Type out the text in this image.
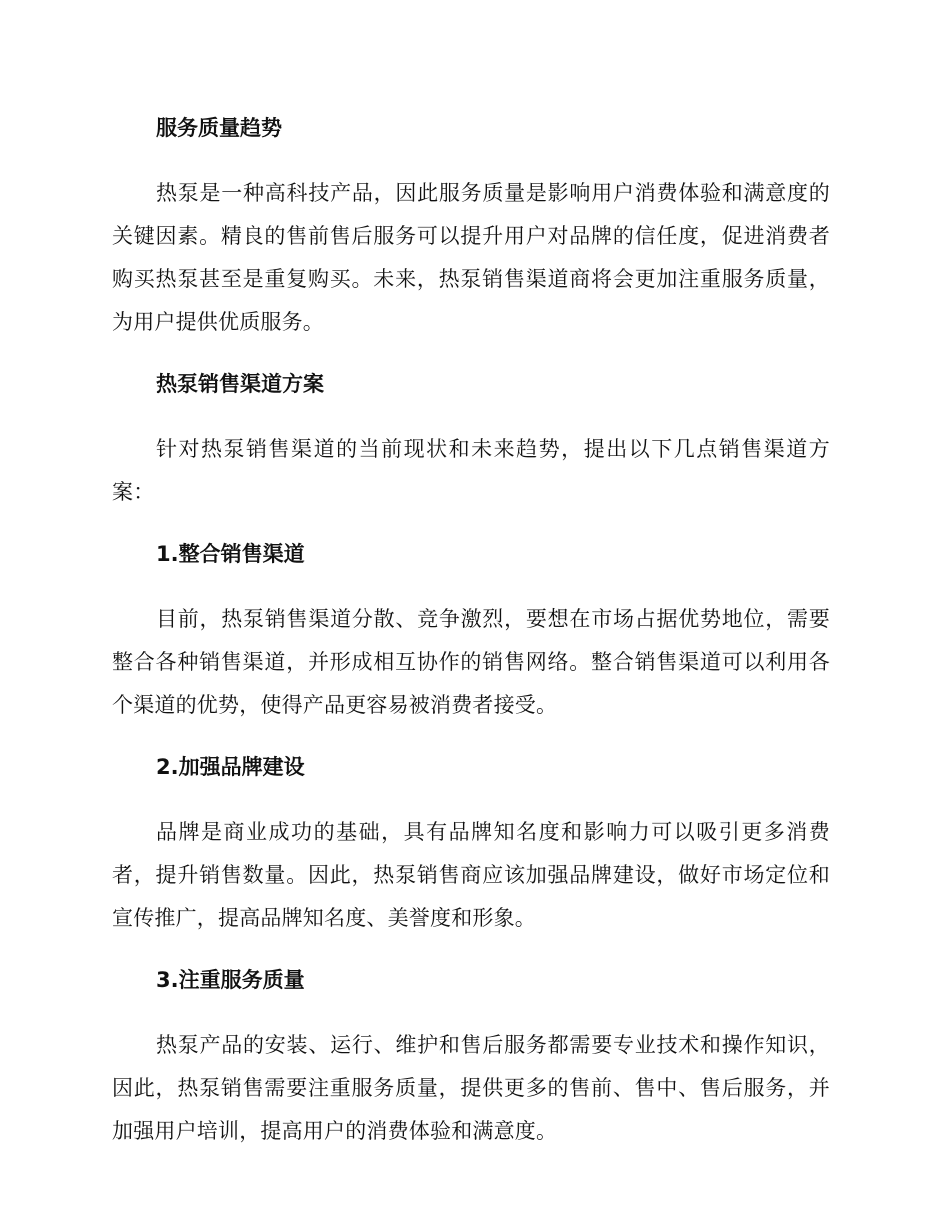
服务质量趋势

热泵是一种高科技产品，因此服务质量是影响用户消费体验和满意度的关键因素。精良的售前售后服务可以提升用户对品牌的信任度，促进消费者购买热泵甚至是重复购买。未来，热泵销售渠道商将会更加注重服务质量，为用户提供优质服务。

热泵销售渠道方案

针对热泵销售渠道的当前现状和未来趋势，提出以下几点销售渠道方案：

1.整合销售渠道

目前，热泵销售渠道分散、竞争激烈，要想在市场占据优势地位，需要整合各种销售渠道，并形成相互协作的销售网络。整合销售渠道可以利用各个渠道的优势，使得产品更容易被消费者接受。

2.加强品牌建设

品牌是商业成功的基础，具有品牌知名度和影响力可以吸引更多消费者，提升销售数量。因此，热泵销售商应该加强品牌建设，做好市场定位和宣传推广，提高品牌知名度、美誉度和形象。

3.注重服务质量

热泵产品的安装、运行、维护和售后服务都需要专业技术和操作知识，因此，热泵销售需要注重服务质量，提供更多的售前、售中、售后服务，并加强用户培训，提高用户的消费体验和满意度。
